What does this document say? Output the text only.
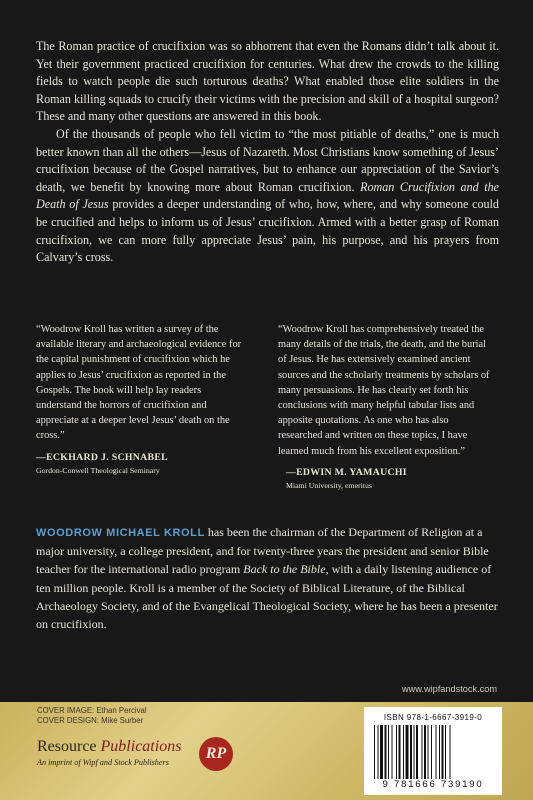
The Roman practice of crucifixion was so abhorrent that even the Romans didn’t talk about it. Yet their government practiced crucifixion for centuries. What drew the crowds to the killing fields to watch people die such torturous deaths? What enabled those elite soldiers in the Roman killing squads to crucify their victims with the precision and skill of a hospital surgeon? These and many other questions are answered in this book.

Of the thousands of people who fell victim to “the most pitiable of deaths,” one is much better known than all the others—Jesus of Nazareth. Most Christians know something of Jesus’ crucifixion because of the Gospel narratives, but to enhance our appreciation of the Savior’s death, we benefit by knowing more about Roman crucifixion. Roman Crucifixion and the Death of Jesus provides a deeper understanding of who, how, where, and why someone could be crucified and helps to inform us of Jesus’ crucifixion. Armed with a better grasp of Roman crucifixion, we can more fully appreciate Jesus’ pain, his purpose, and his prayers from Calvary’s cross.

“Woodrow Kroll has written a survey of the available literary and archaeological evidence for the capital punishment of crucifixion which he applies to Jesus’ crucifixion as reported in the Gospels. The book will help lay readers understand the horrors of crucifixion and appreciate at a deeper level Jesus’ death on the cross.”

—ECKHARD J. SCHNABEL

Gordon-Conwell Theological Seminary

“Woodrow Kroll has comprehensively treated the many details of the trials, the death, and the burial of Jesus. He has extensively examined ancient sources and the scholarly treatments by scholars of many persuasions. He has clearly set forth his conclusions with many helpful tabular lists and apposite quotations. As one who has also researched and written on these topics, I have learned much from his excellent exposition.”

—EDWIN M. YAMAUCHI

Miami University, emeritus

WOODROW MICHAEL KROLL has been the chairman of the Department of Religion at a major university, a college president, and for twenty-three years the president and senior Bible teacher for the international radio program Back to the Bible, with a daily listening audience of ten million people. Kroll is a member of the Society of Biblical Literature, of the Biblical Archaeology Society, and of the Evangelical Theological Society, where he has been a presenter on crucifixion.
www.wipfandstock.com

COVER IMAGE: Ethan Percival

COVER DESIGN: Mike Surber

Resource Publications
An imprint of Wipf and Stock Publishers
RP
ISBN 978-1-6667-3919-0
9 781666 739190
